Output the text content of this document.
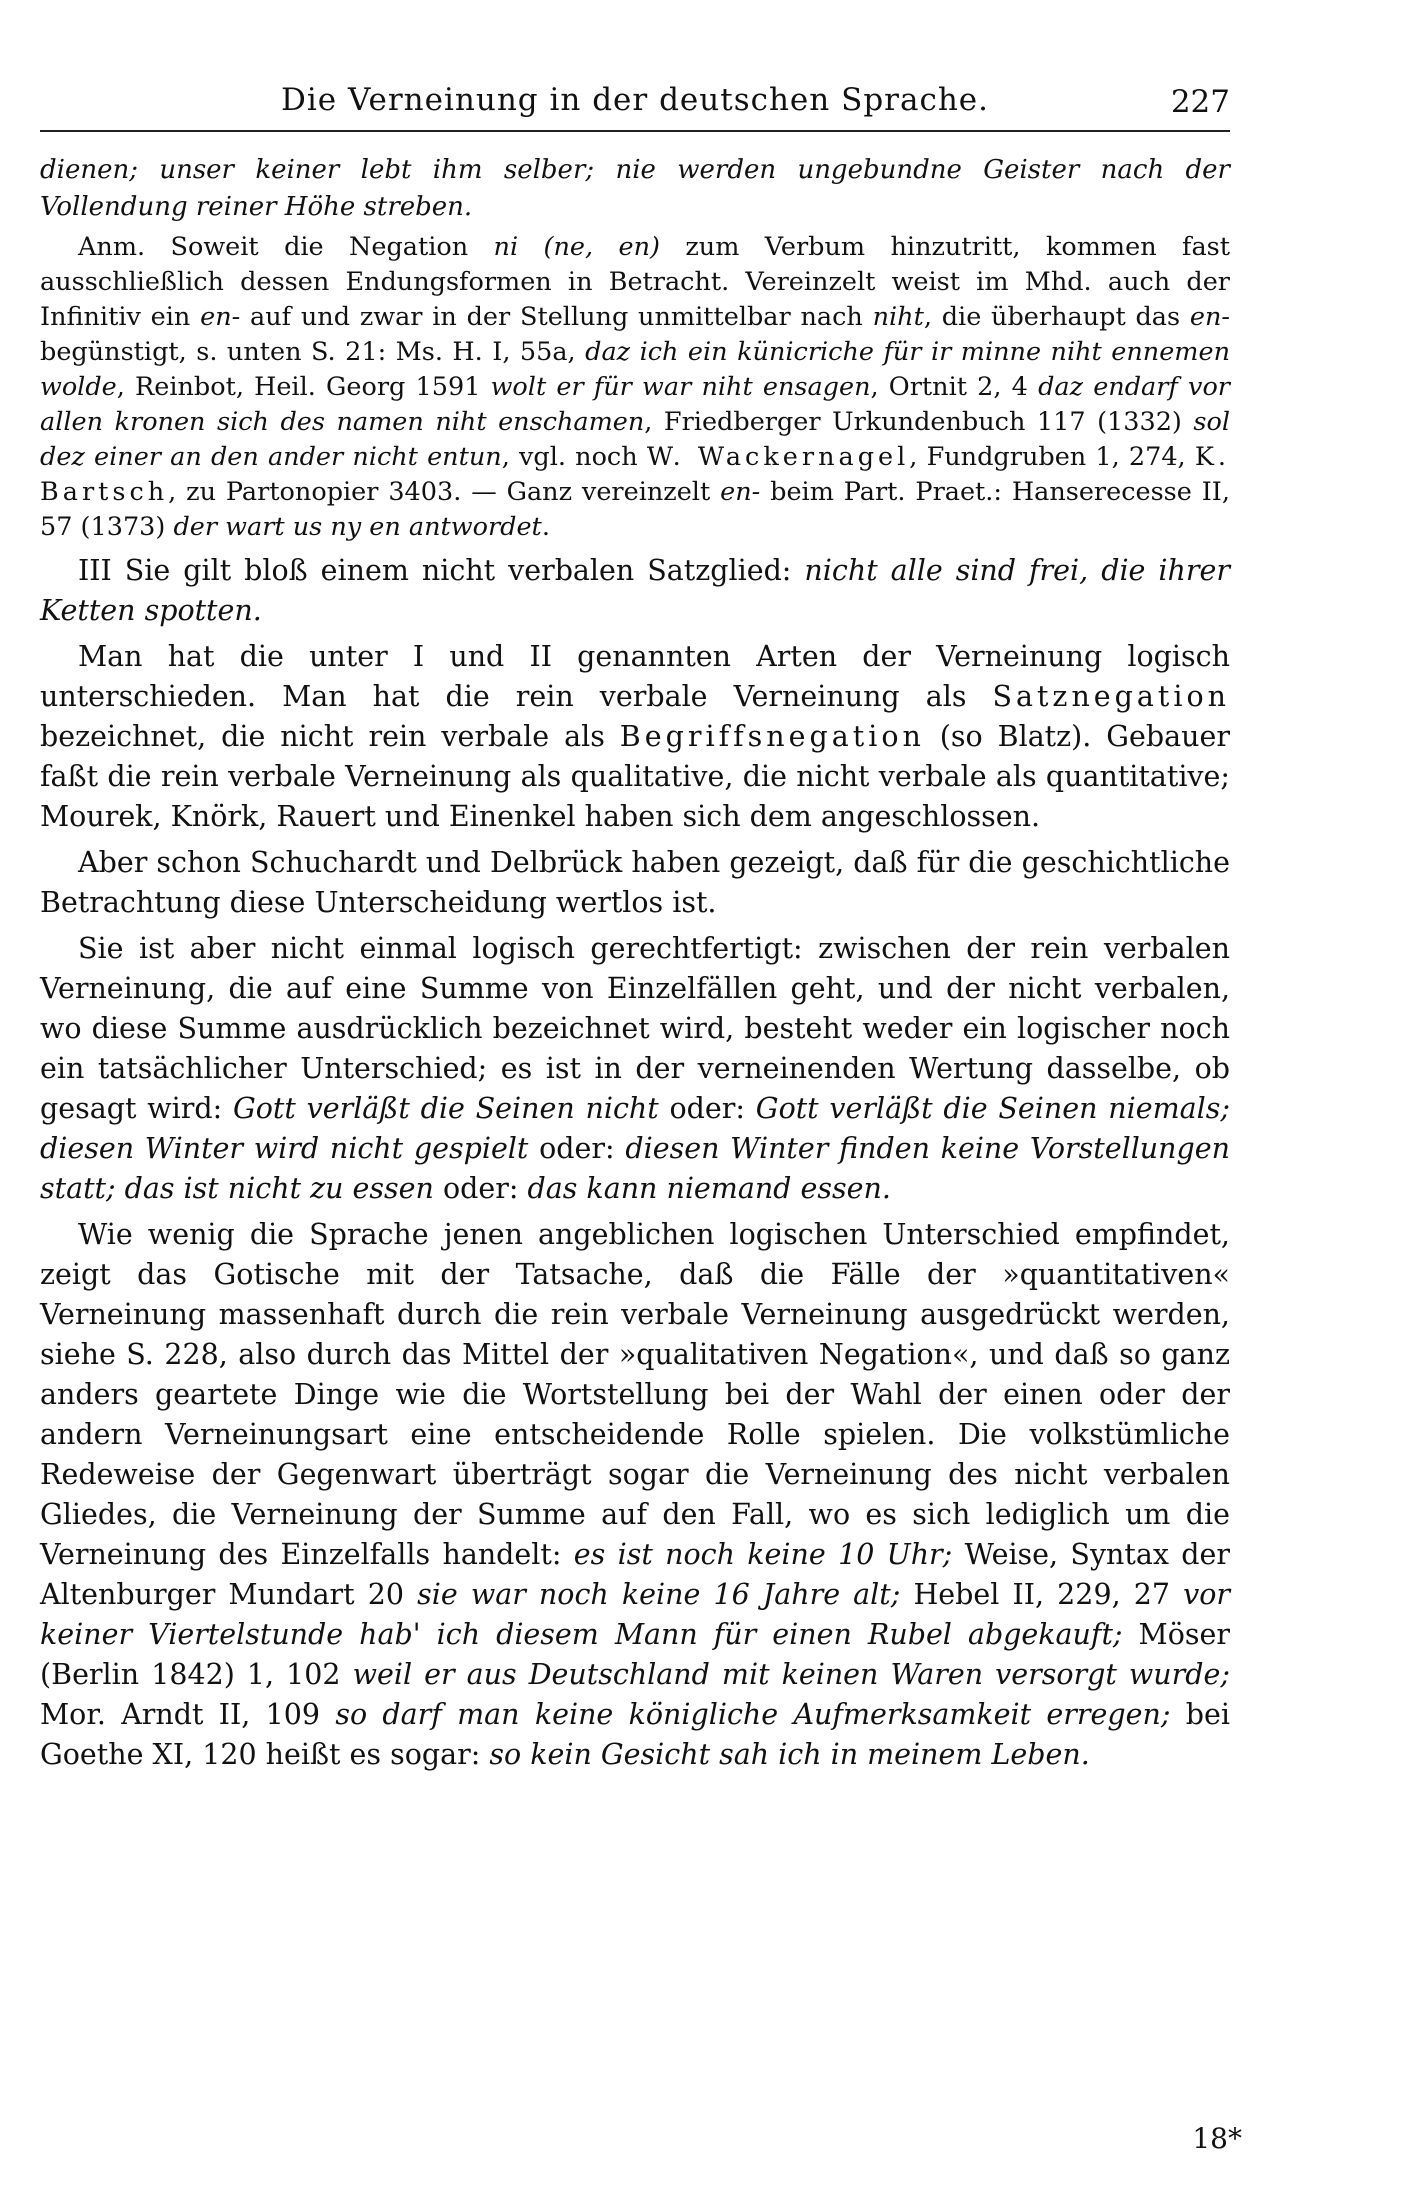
Die Verneinung in der deutschen Sprache.	227

dienen; unser keiner lebt ihm selber; nie werden ungebundne Geister nach der Vollendung reiner Höhe streben.

Anm. Soweit die Negation ni (ne, en) zum Verbum hinzutritt, kommen fast ausschließlich dessen Endungsformen in Betracht. Vereinzelt weist im Mhd. auch der Infinitiv ein en- auf und zwar in der Stellung unmittelbar nach niht, die überhaupt das en- begünstigt, s. unten S. 21: Ms. H. I, 55a, daz ich ein künicriche für ir minne niht ennemen wolde, Reinbot, Heil. Georg 1591 wolt er für war niht ensagen, Ortnit 2, 4 daz endarf vor allen kronen sich des namen niht enschamen, Friedberger Urkundenbuch 117 (1332) sol dez einer an den ander nicht entun, vgl. noch W. Wackernagel, Fundgruben 1, 274, K. Bartsch, zu Partonopier 3403. — Ganz vereinzelt en- beim Part. Praet.: Hanserecesse II, 57 (1373) der wart us ny en antwordet.

III Sie gilt bloß einem nicht verbalen Satzglied: nicht alle sind frei, die ihrer Ketten spotten.

Man hat die unter I und II genannten Arten der Verneinung logisch unterschieden. Man hat die rein verbale Verneinung als Satznegation bezeichnet, die nicht rein verbale als Begriffsnegation (so Blatz). Gebauer faßt die rein verbale Verneinung als qualitative, die nicht verbale als quantitative; Mourek, Knörk, Rauert und Einenkel haben sich dem angeschlossen.

Aber schon Schuchardt und Delbrück haben gezeigt, daß für die geschichtliche Betrachtung diese Unterscheidung wertlos ist.

Sie ist aber nicht einmal logisch gerechtfertigt: zwischen der rein verbalen Verneinung, die auf eine Summe von Einzelfällen geht, und der nicht verbalen, wo diese Summe ausdrücklich bezeichnet wird, besteht weder ein logischer noch ein tatsächlicher Unterschied; es ist in der verneinenden Wertung dasselbe, ob gesagt wird: Gott verläßt die Seinen nicht oder: Gott verläßt die Seinen niemals; diesen Winter wird nicht gespielt oder: diesen Winter finden keine Vorstellungen statt; das ist nicht zu essen oder: das kann niemand essen.

Wie wenig die Sprache jenen angeblichen logischen Unterschied empfindet, zeigt das Gotische mit der Tatsache, daß die Fälle der »quantitativen« Verneinung massenhaft durch die rein verbale Verneinung ausgedrückt werden, siehe S. 228, also durch das Mittel der »qualitativen Negation«, und daß so ganz anders geartete Dinge wie die Wortstellung bei der Wahl der einen oder der andern Verneinungsart eine entscheidende Rolle spielen. Die volkstümliche Redeweise der Gegenwart überträgt sogar die Verneinung des nicht verbalen Gliedes, die Verneinung der Summe auf den Fall, wo es sich lediglich um die Verneinung des Einzelfalls handelt: es ist noch keine 10 Uhr; Weise, Syntax der Altenburger Mundart 20 sie war noch keine 16 Jahre alt; Hebel II, 229, 27 vor keiner Viertelstunde hab' ich diesem Mann für einen Rubel abgekauft; Möser (Berlin 1842) 1, 102 weil er aus Deutschland mit keinen Waren versorgt wurde; Mor. Arndt II, 109 so darf man keine königliche Aufmerksamkeit erregen; bei Goethe XI, 120 heißt es sogar: so kein Gesicht sah ich in meinem Leben.

18*
